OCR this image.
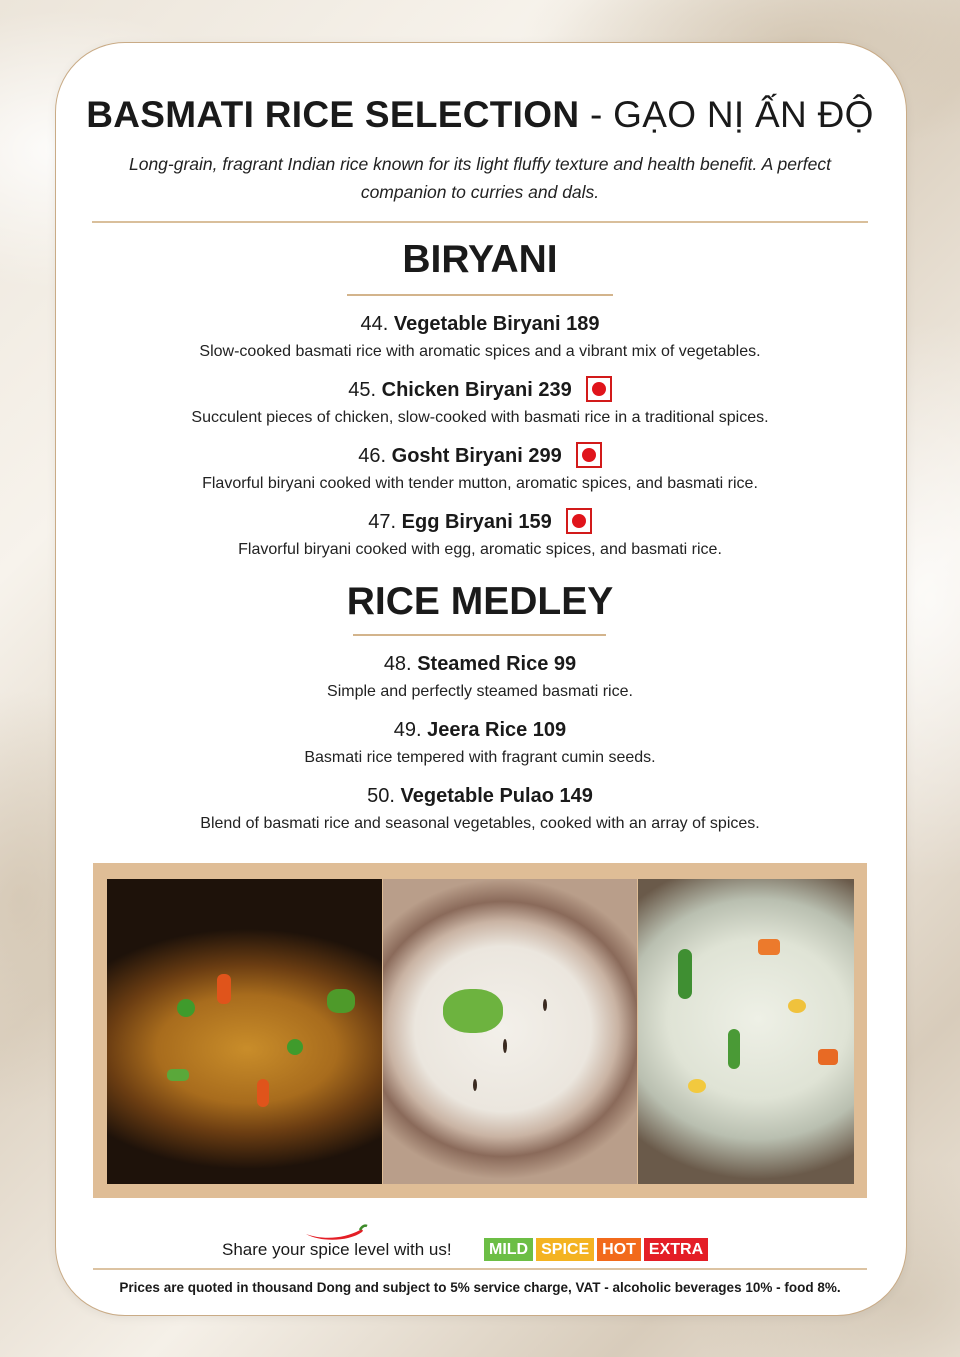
BASMATI RICE SELECTION - GẠO NỊ ẤN ĐỘ
Long-grain, fragrant Indian rice known for its light fluffy texture and health benefit. A perfect
companion to curries and dals.
BIRYANI
44. Vegetable Biryani 189
Slow-cooked basmati rice with aromatic spices and a vibrant mix of vegetables.
45. Chicken Biryani 239
Succulent pieces of chicken, slow-cooked with basmati rice in a traditional spices.
46. Gosht Biryani 299
Flavorful biryani cooked with tender mutton, aromatic spices, and basmati rice.
47. Egg Biryani 159
Flavorful biryani cooked with egg, aromatic spices, and basmati rice.
RICE MEDLEY
48. Steamed Rice 99
Simple and perfectly steamed basmati rice.
49. Jeera Rice 109
Basmati rice tempered with fragrant cumin seeds.
50. Vegetable Pulao 149
Blend of basmati rice and seasonal vegetables, cooked with an array of spices.
Share your spice level with us!	MILD SPICE HOT EXTRA
Prices are quoted in thousand Dong and subject to 5% service charge, VAT - alcoholic beverages 10% - food 8%.
